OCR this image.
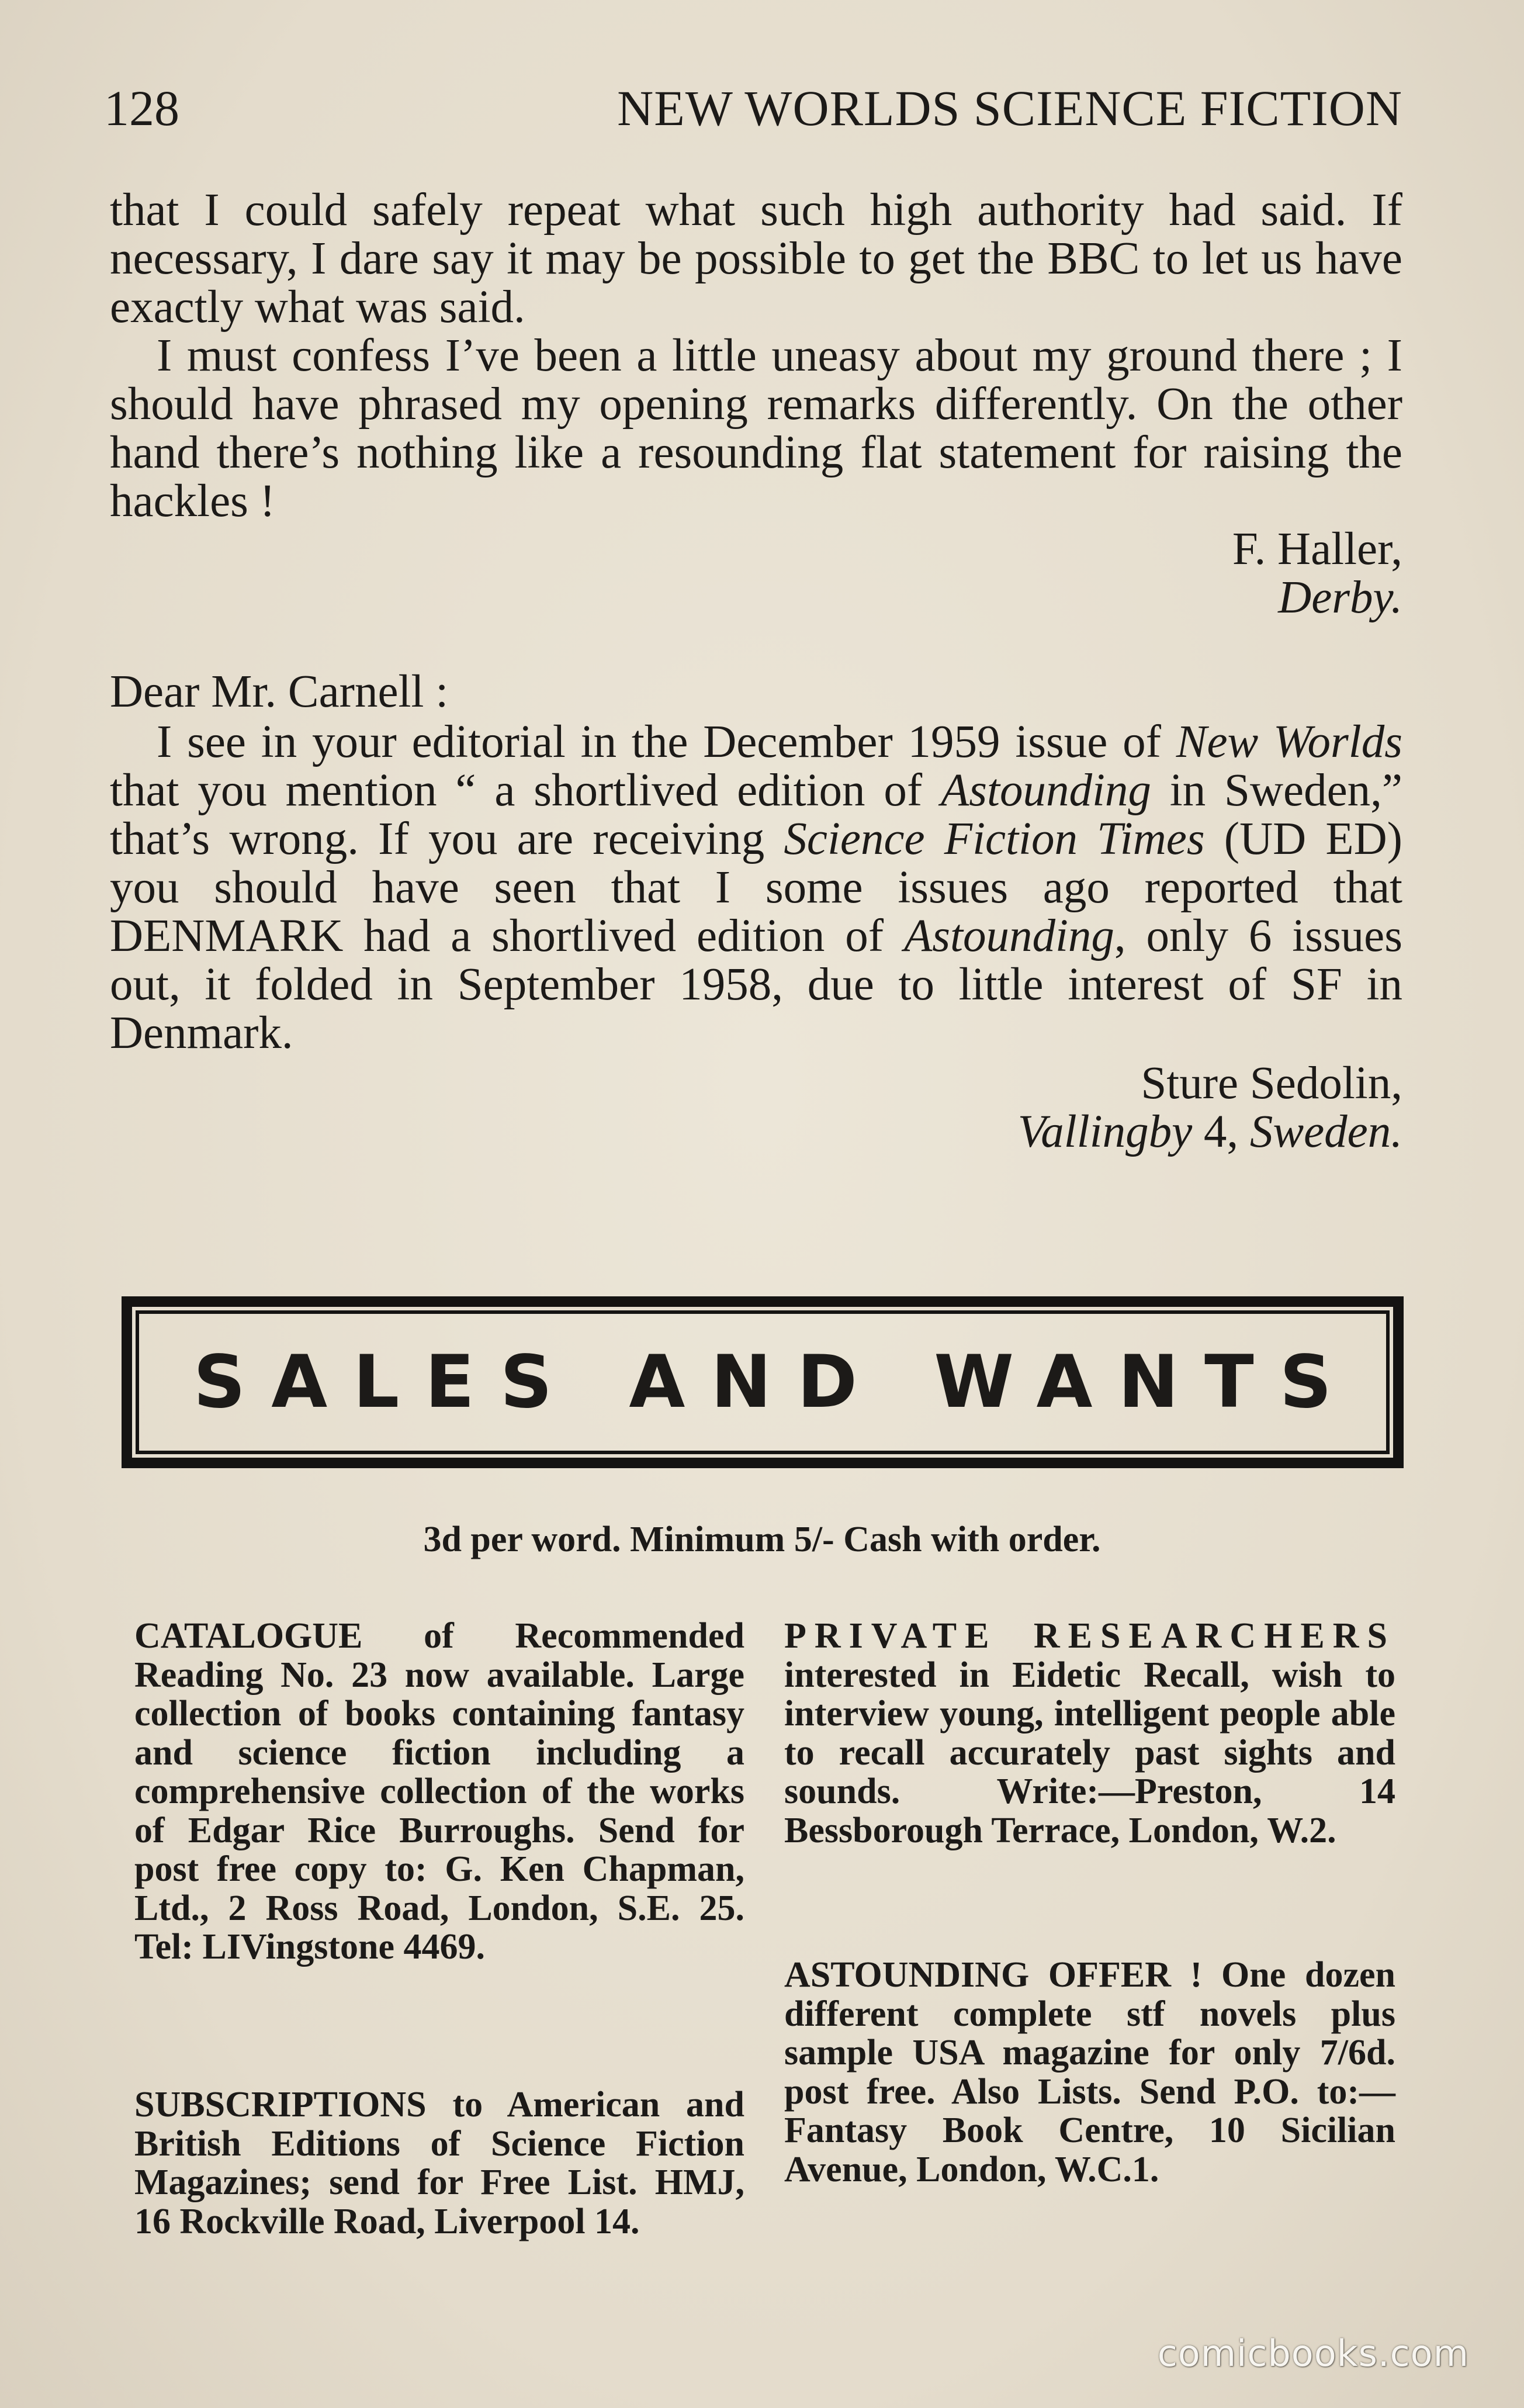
128	NEW WORLDS SCIENCE FICTION

that I could safely repeat what such high authority had said. If necessary, I dare say it may be possible to get the BBC to let us have exactly what was said.

I must confess I’ve been a little uneasy about my ground there ; I should have phrased my opening remarks differently. On the other hand there’s nothing like a resounding flat statement for raising the hackles !

F. Haller,
Derby.
Dear Mr. Carnell :

I see in your editorial in the December 1959 issue of New Worlds that you mention “ a shortlived edition of Astounding in Sweden,” that’s wrong. If you are receiving Science Fiction Times (UD ED) you should have seen that I some issues ago reported that DENMARK had a shortlived edition of Astounding, only 6 issues out, it folded in September 1958, due to little interest of SF in Denmark.

Sture Sedolin,
Vallingby 4, Sweden.
SALES AND WANTS
3d per word. Minimum 5/- Cash with order.
CATALOGUE of Recommended Reading No. 23 now available. Large collection of books containing fantasy and science fiction including a comprehensive collection of the works of Edgar Rice Burroughs. Send for post free copy to: G. Ken Chapman, Ltd., 2 Ross Road, London, S.E. 25. Tel: LIVingstone 4469.
SUBSCRIPTIONS to American and British Editions of Science Fiction Magazines; send for Free List. HMJ, 16 Rockville Road, Liverpool 14.
PRIVATE RESEARCHERS interested in Eidetic Recall, wish to interview young, intelligent people able to recall accurately past sights and sounds. Write:—Preston, 14 Bessborough Terrace, London, W.2.
ASTOUNDING OFFER ! One dozen different complete stf novels plus sample USA magazine for only 7/6d. post free. Also Lists. Send P.O. to:—Fantasy Book Centre, 10 Sicilian Avenue, London, W.C.1.
comicbooks.com
